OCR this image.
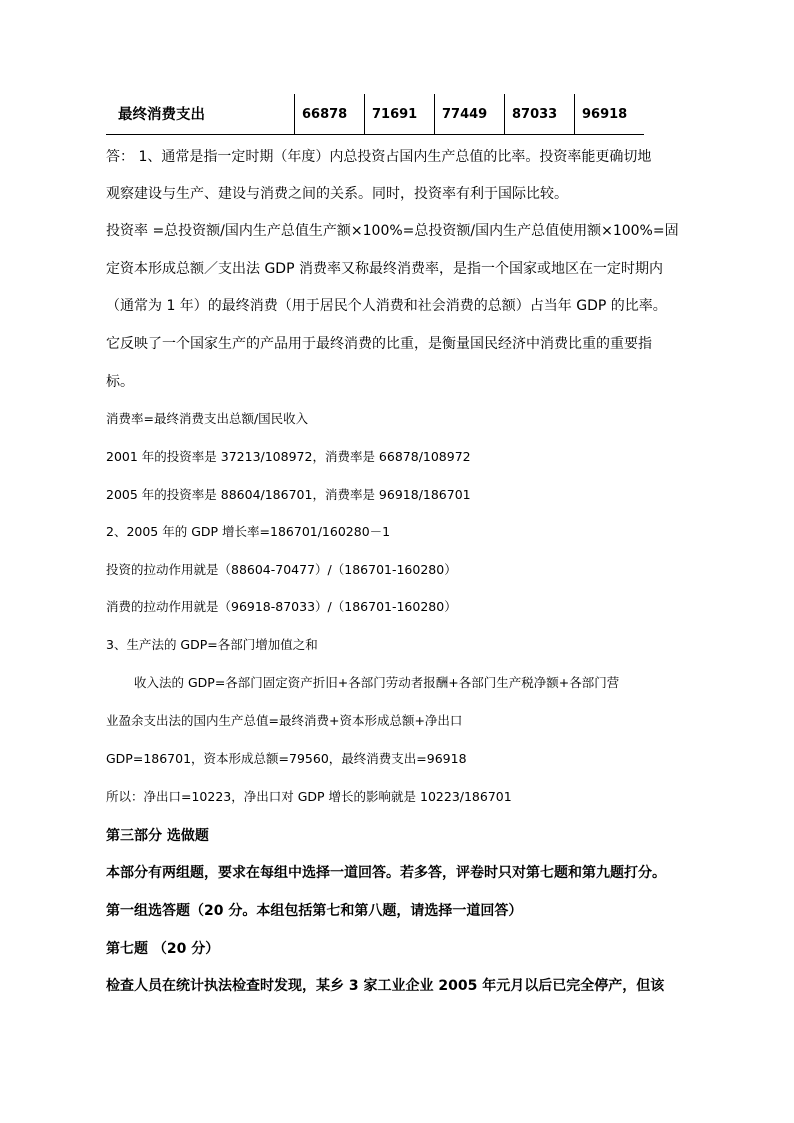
最终消费支出	66878 71691 77449 87033 96918
答： 1、通常是指一定时期（年度）内总投资占国内生产总值的比率。投资率能更确切地
观察建设与生产、建设与消费之间的关系。同时，投资率有利于国际比较。
投资率 =总投资额/国内生产总值生产额×100%=总投资额/国内生产总值使用额×100%=固
定资本形成总额／支出法 GDP 消费率又称最终消费率，是指一个国家或地区在一定时期内
（通常为 1 年）的最终消费（用于居民个人消费和社会消费的总额）占当年 GDP 的比率。
它反映了一个国家生产的产品用于最终消费的比重，是衡量国民经济中消费比重的重要指
标。
消费率=最终消费支出总额/国民收入
2001 年的投资率是 37213/108972，消费率是 66878/108972
2005 年的投资率是 88604/186701，消费率是 96918/186701
2、2005 年的 GDP 增长率=186701/160280－1
投资的拉动作用就是（88604-70477）/（186701-160280）
消费的拉动作用就是（96918-87033）/（186701-160280）
3、生产法的 GDP=各部门增加值之和
收入法的 GDP=各部门固定资产折旧+各部门劳动者报酬+各部门生产税净额+各部门营
业盈余支出法的国内生产总值=最终消费+资本形成总额+净出口
GDP=186701，资本形成总额=79560，最终消费支出=96918
所以：净出口=10223，净出口对 GDP 增长的影响就是 10223/186701
第三部分 选做题
本部分有两组题，要求在每组中选择一道回答。若多答，评卷时只对第七题和第九题打分。
第一组选答题（20 分。本组包括第七和第八题，请选择一道回答）
第七题 （20 分）
检查人员在统计执法检查时发现，某乡 3 家工业企业 2005 年元月以后已完全停产，但该
